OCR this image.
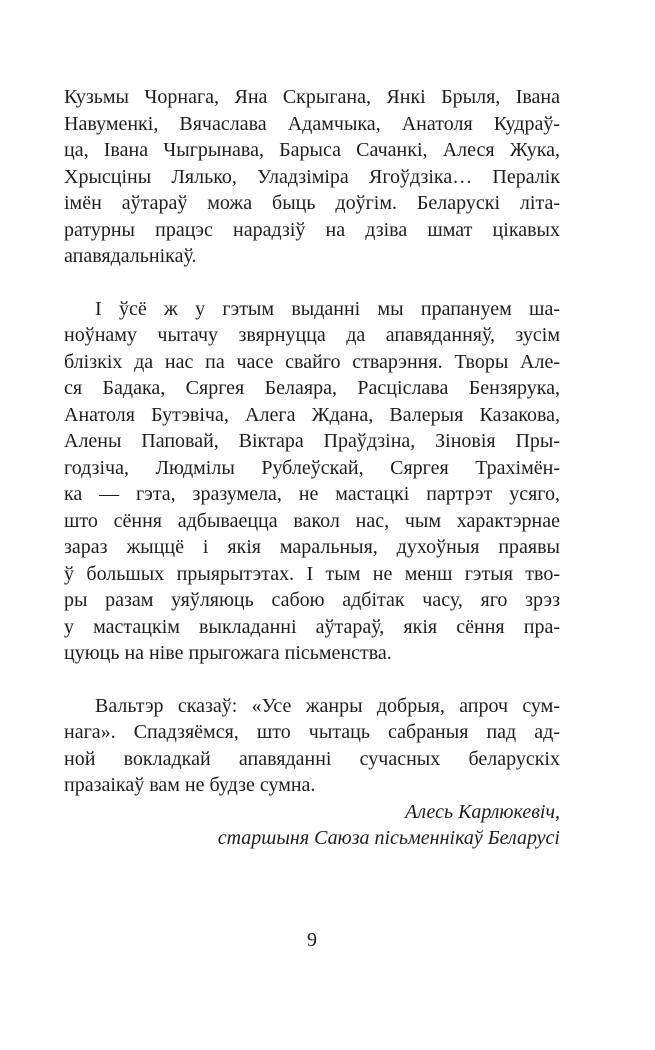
Кузьмы Чорнага, Яна Скрыгана, Янкі Брыля, Івана
Навуменкі, Вячаслава Адамчыка, Анатоля Кудраў-
ца, Івана Чыгрынава, Барыса Сачанкі, Алеся Жука,
Хрысціны Лялько, Уладзіміра Ягоўдзіка… Пералік
імён аўтараў можа быць доўгім. Беларускі літа-
ратурны працэс нарадзіў на дзіва шмат цікавых
апавядальнікаў.
І ўсё ж у гэтым выданні мы прапануем ша-
ноўнаму чытачу звярнуцца да апавяданняў, зусім
блізкіх да нас па часе свайго стварэння. Творы Але-
ся Бадака, Сяргея Белаяра, Расціслава Бензярука,
Анатоля Бутэвіча, Алега Ждана, Валерыя Казакова,
Алены Паповай, Віктара Праўдзіна, Зіновія Пры-
годзіча, Людмілы Рублеўскай, Сяргея Трахімён-
ка — гэта, зразумела, не мастацкі партрэт усяго,
што сёння адбываецца вакол нас, чым характэрнае
зараз жыццё і якія маральныя, духоўныя праявы
ў большых прыярытэтах. І тым не менш гэтыя тво-
ры разам уяўляюць сабою адбітак часу, яго зрэз
у мастацкім выкладанні аўтараў, якія сёння пра-
цуюць на ніве прыгожага пісьменства.
Вальтэр сказаў: «Усе жанры добрыя, апроч сум-
нага». Спадзяёмся, што чытаць сабраныя пад ад-
ной вокладкай апавяданні сучасных беларускіх
празаікаў вам не будзе сумна.
Алесь Карлюкевіч,
старшыня Саюза пісьменнікаў Беларусі
9
